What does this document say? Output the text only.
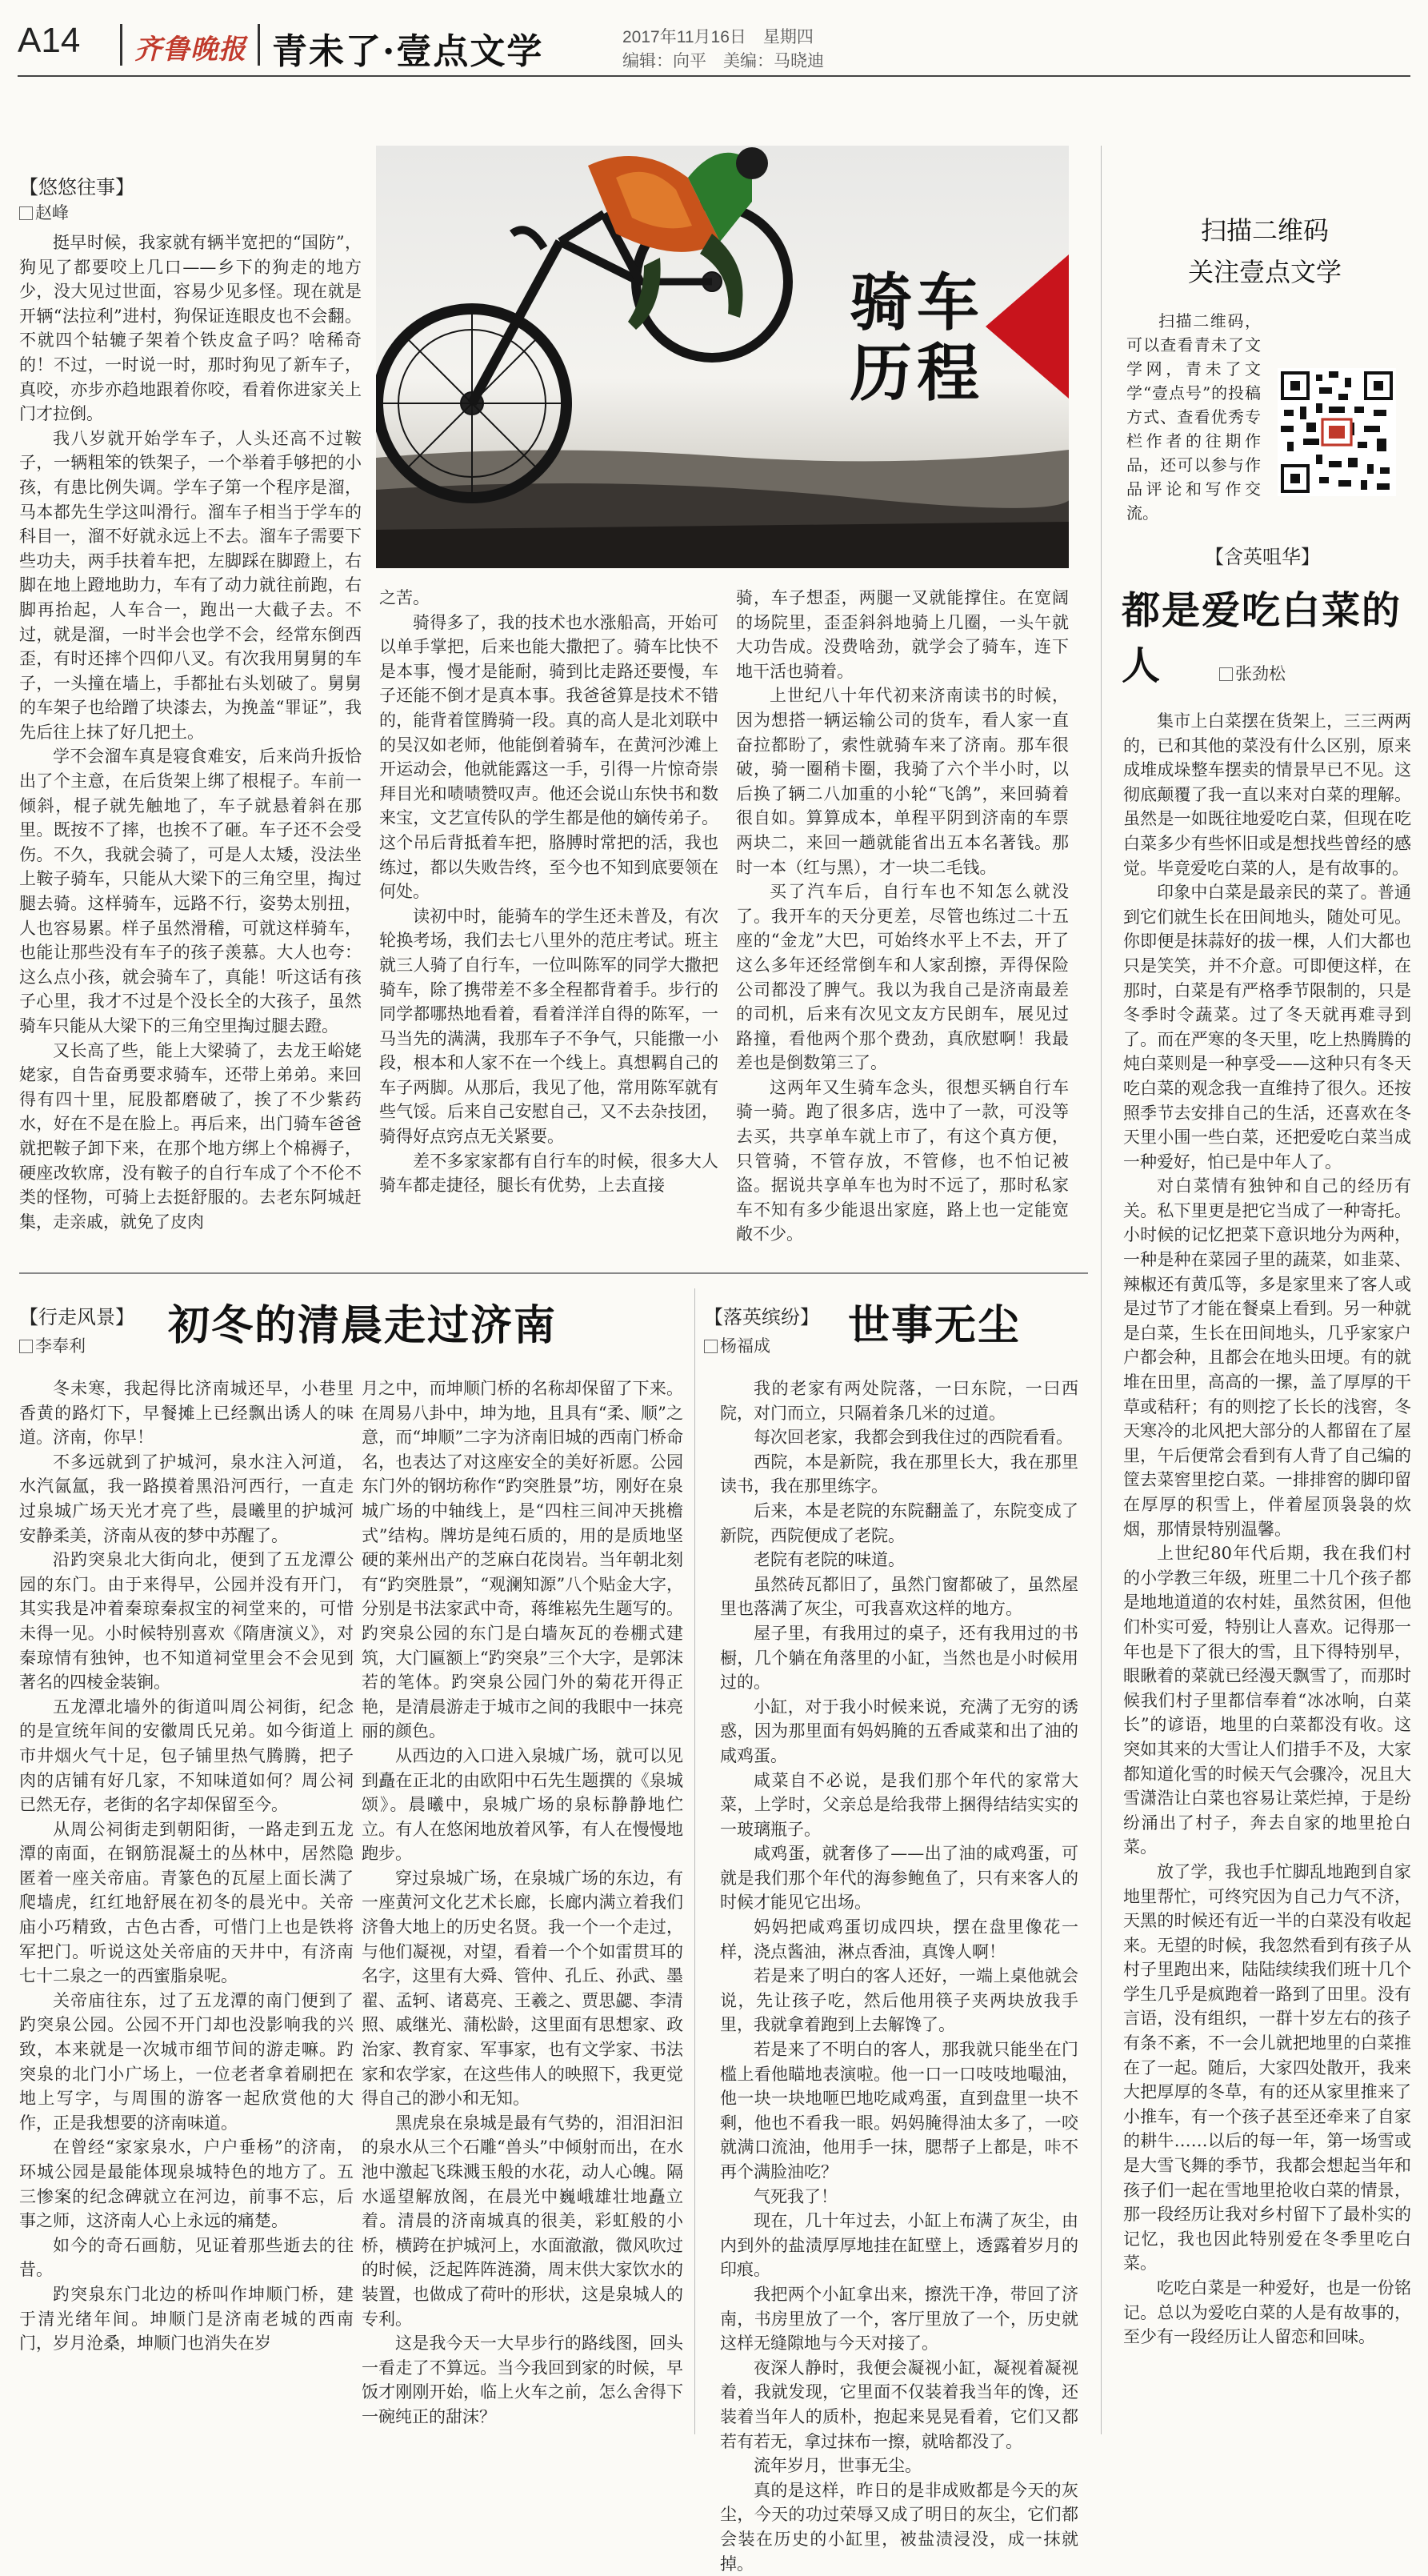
A14 齐鲁晚报 青未了·壹点文学	2017年11月16日　星期四
编辑：向平　美编：马晓迪
【悠悠往事】
赵峰
骑车
历程

挺早时候，我家就有辆半宽把的“国防”，狗见了都要咬上几口——乡下的狗走的地方少，没大见过世面，容易少见多怪。现在就是开辆“法拉利”进村，狗保证连眼皮也不会翻。不就四个轱辘子架着个铁皮盒子吗？啥稀奇的！不过，一时说一时，那时狗见了新车子，真咬，亦步亦趋地跟着你咬，看着你进家关上门才拉倒。

我八岁就开始学车子，人头还高不过鞍子，一辆粗笨的铁架子，一个举着手够把的小孩，有患比例失调。学车子第一个程序是溜，马本都先生学这叫滑行。溜车子相当于学车的科目一，溜不好就永远上不去。溜车子需要下些功夫，两手扶着车把，左脚踩在脚蹬上，右脚在地上蹬地助力，车有了动力就往前跑，右脚再抬起，人车合一，跑出一大截子去。不过，就是溜，一时半会也学不会，经常东倒西歪，有时还摔个四仰八叉。有次我用舅舅的车子，一头撞在墙上，手都扯右头划破了。舅舅的车架子也给蹭了块漆去，为挽盖“罪证”，我先后往上抹了好几把土。

学不会溜车真是寝食难安，后来尚升扳恰出了个主意，在后货架上绑了根棍子。车前一倾斜，棍子就先触地了，车子就悬着斜在那里。既按不了摔，也挨不了砸。车子还不会受伤。不久，我就会骑了，可是人太矮，没法坐上鞍子骑车，只能从大梁下的三角空里，掏过腿去骑。这样骑车，远路不行，姿势太别扭，人也容易累。样子虽然滑稽，可就这样骑车，也能让那些没有车子的孩子羡慕。大人也夸：这么点小孩，就会骑车了，真能！听这话有孩子心里，我才不过是个没长全的大孩子，虽然骑车只能从大梁下的三角空里掏过腿去蹬。

又长高了些，能上大梁骑了，去龙王峪姥姥家，自告奋勇要求骑车，还带上弟弟。来回得有四十里，屁股都磨破了，挨了不少紫药水，好在不是在脸上。再后来，出门骑车爸爸就把鞍子卸下来，在那个地方绑上个棉褥子，硬座改软席，没有鞍子的自行车成了个不伦不类的怪物，可骑上去挺舒服的。去老东阿城赶集，走亲戚，就免了皮肉

之苦。

骑得多了，我的技术也水涨船高，开始可以单手掌把，后来也能大撒把了。骑车比快不是本事，慢才是能耐，骑到比走路还要慢，车子还能不倒才是真本事。我爸爸算是技术不错的，能背着筐腾骑一段。真的高人是北刘联中的吴汉如老师，他能倒着骑车，在黄河沙滩上开运动会，他就能露这一手，引得一片惊奇崇拜目光和啧啧赞叹声。他还会说山东快书和数来宝，文艺宣传队的学生都是他的嫡传弟子。这个吊后背抵着车把，胳膊时常把的活，我也练过，都以失败告终，至今也不知到底要领在何处。

读初中时，能骑车的学生还未普及，有次轮换考场，我们去七八里外的范庄考试。班主就三人骑了自行车，一位叫陈军的同学大撒把骑车，除了携带差不多全程都背着手。步行的同学都哪热地看着，看着洋洋自得的陈军，一马当先的满满，我那车子不争气，只能撒一小段，根本和人家不在一个线上。真想羁自己的车子两脚。从那后，我见了他，常用陈军就有些气馁。后来自己安慰自己，又不去杂技团，骑得好点窍点无关紧要。

差不多家家都有自行车的时候，很多大人骑车都走捷径，腿长有优势，上去直接

骑，车子想歪，两腿一叉就能撑住。在宽阔的场院里，歪歪斜斜地骑上几圈，一头午就大功告成。没费啥劲，就学会了骑车，连下地干活也骑着。

上世纪八十年代初来济南读书的时候，因为想搭一辆运输公司的货车，看人家一直奋拉都盼了，索性就骑车来了济南。那车很破，骑一圈稍卡圈，我骑了六个半小时，以后换了辆二八加重的小轮“飞鸽”，来回骑着很自如。算算成本，单程平阴到济南的车票两块二，来回一趟就能省出五本名著钱。那时一本（红与黑），才一块二毛钱。

买了汽车后，自行车也不知怎么就没了。我开车的天分更差，尽管也练过二十五座的“金龙”大巴，可始终水平上不去，开了这么多年还经常倒车和人家刮擦，弄得保险公司都没了脾气。我以为我自己是济南最差的司机，后来有次见文友方民朗车，展见过路撞，看他两个那个费劲，真欣慰啊！我最差也是倒数第三了。

这两年又生骑车念头，很想买辆自行车骑一骑。跑了很多店，选中了一款，可没等去买，共享单车就上市了，有这个真方便，只管骑，不管存放，不管修，也不怕记被盗。据说共享单车也为时不远了，那时私家车不知有多少能退出家庭，路上也一定能宽敞不少。

扫描二维码
关注壹点文学
扫描二维码，可以查看青未了文学网，青未了文学“壹点号”的投稿方式、查看优秀专栏作者的往期作品，还可以参与作品评论和写作交流。
【含英咀华】
都是爱吃白菜的人	张劲松

集市上白菜摆在货架上，三三两两的，已和其他的菜没有什么区别，原来成堆成垛整车摆卖的情景早已不见。这彻底颠覆了我一直以来对白菜的理解。虽然是一如既往地爱吃白菜，但现在吃白菜多少有些怀旧或是想找些曾经的感觉。毕竟爱吃白菜的人，是有故事的。

印象中白菜是最亲民的菜了。普通到它们就生长在田间地头，随处可见。你即便是抹蒜好的拔一棵，人们大都也只是笑笑，并不介意。可即便这样，在那时，白菜是有严格季节限制的，只是冬季时令蔬菜。过了冬天就再难寻到了。而在严寒的冬天里，吃上热腾腾的炖白菜则是一种享受——这种只有冬天吃白菜的观念我一直维持了很久。还按照季节去安排自己的生活，还喜欢在冬天里小围一些白菜，还把爱吃白菜当成一种爱好，怕已是中年人了。

对白菜情有独钟和自己的经历有关。私下里更是把它当成了一种寄托。小时候的记忆把菜下意识地分为两种，一种是种在菜园子里的蔬菜，如韭菜、辣椒还有黄瓜等，多是家里来了客人或是过节了才能在餐桌上看到。另一种就是白菜，生长在田间地头，几乎家家户户都会种，且都会在地头田埂。有的就堆在田里，高高的一摞，盖了厚厚的干草或秸秆；有的则挖了长长的浅窖，冬天寒冷的北风把大部分的人都留在了屋里，午后便常会看到有人背了自己编的筐去菜窖里挖白菜。一排排窖的脚印留在厚厚的积雪上，伴着屋顶袅袅的炊烟，那情景特别温馨。

上世纪80年代后期，我在我们村的小学教三年级，班里二十几个孩子都是地地道道的农村娃，虽然贫困，但他们朴实可爱，特别让人喜欢。记得那一年也是下了很大的雪，且下得特别早，眼瞅着的菜就已经漫天飘雪了，而那时候我们村子里都信奉着“冰冰响，白菜长”的谚语，地里的白菜都没有收。这突如其来的大雪让人们措手不及，大家都知道化雪的时候天气会骤冷，况且大雪潇浩让白菜也容易让菜烂掉，于是纷纷涌出了村子，奔去自家的地里抢白菜。

放了学，我也手忙脚乱地跑到自家地里帮忙，可终究因为自己力气不济，天黑的时候还有近一半的白菜没有收起来。无望的时候，我忽然看到有孩子从村子里跑出来，陆陆续续我们班十几个学生几乎是疯跑着一路到了田里。没有言语，没有组织，一群十岁左右的孩子有条不紊，不一会儿就把地里的白菜推在了一起。随后，大家四处散开，我来大把厚厚的冬草，有的还从家里推来了小推车，有一个孩子甚至还牵来了自家的耕牛……以后的每一年，第一场雪或是大雪飞舞的季节，我都会想起当年和孩子们一起在雪地里抢收白菜的情景，那一段经历让我对乡村留下了最朴实的记忆，我也因此特别爱在冬季里吃白菜。

吃吃白菜是一种爱好，也是一份铭记。总以为爱吃白菜的人是有故事的，至少有一段经历让人留恋和回味。

【行走风景】
李奉利 初冬的清晨走过济南

冬未寒，我起得比济南城还早，小巷里香黄的路灯下，早餐摊上已经飘出诱人的味道。济南，你早！

不多远就到了护城河，泉水注入河道，水汽氤氲，我一路摸着黑沿河西行，一直走过泉城广场天光才亮了些，晨曦里的护城河安静柔美，济南从夜的梦中苏醒了。

沿趵突泉北大街向北，便到了五龙潭公园的东门。由于来得早，公园并没有开门，其实我是冲着秦琼秦叔宝的祠堂来的，可惜未得一见。小时候特别喜欢《隋唐演义》，对秦琼情有独钟，也不知道祠堂里会不会见到著名的四棱金装锏。

五龙潭北墙外的街道叫周公祠街，纪念的是宣统年间的安徽周氏兄弟。如今街道上市井烟火气十足，包子铺里热气腾腾，把子肉的店铺有好几家，不知味道如何？周公祠已然无存，老街的名字却保留至今。

从周公祠街走到朝阳街，一路走到五龙潭的南面，在钢筋混凝土的丛林中，居然隐匿着一座关帝庙。青篆色的瓦屋上面长满了爬墙虎，红红地舒展在初冬的晨光中。关帝庙小巧精致，古色古香，可惜门上也是铁将军把门。听说这处关帝庙的天井中，有济南七十二泉之一的西蜜脂泉呢。

关帝庙往东，过了五龙潭的南门便到了趵突泉公园。公园不开门却也没影响我的兴致，本来就是一次城市细节间的游走嘛。趵突泉的北门小广场上，一位老者拿着刷把在地上写字，与周围的游客一起欣赏他的大作，正是我想要的济南味道。

在曾经“家家泉水，户户垂杨”的济南，环城公园是最能体现泉城特色的地方了。五三惨案的纪念碑就立在河边，前事不忘，后事之师，这济南人心上永远的痛楚。

如今的奇石画舫，见证着那些逝去的往昔。

趵突泉东门北边的桥叫作坤顺门桥，建于清光绪年间。坤顺门是济南老城的西南门，岁月沧桑，坤顺门也消失在岁

月之中，而坤顺门桥的名称却保留了下来。在周易八卦中，坤为地，且具有“柔、顺”之意，而“坤顺”二字为济南旧城的西南门桥命名，也表达了对这座安全的美好祈愿。公园东门外的钢坊称作“趵突胜景”坊，刚好在泉城广场的中轴线上，是“四柱三间冲天挑檐式”结构。牌坊是纯石质的，用的是质地坚硬的莱州出产的芝麻白花岗岩。当年朝北刻有“趵突胜景”，“观澜知源”八个贴金大字，分别是书法家武中奇，蒋维崧先生题写的。趵突泉公园的东门是白墙灰瓦的卷棚式建筑，大门匾额上“趵突泉”三个大字，是郭沫若的笔体。趵突泉公园门外的菊花开得正艳，是清晨游走于城市之间的我眼中一抹亮丽的颜色。

从西边的入口进入泉城广场，就可以见到矗在正北的由欧阳中石先生题撰的《泉城颂》。晨曦中，泉城广场的泉标静静地伫立。有人在悠闲地放着风筝，有人在慢慢地跑步。

穿过泉城广场，在泉城广场的东边，有一座黄河文化艺术长廊，长廊内满立着我们济鲁大地上的历史名贤。我一个一个走过，与他们凝视，对望，看着一个个如雷贯耳的名字，这里有大舜、管仲、孔丘、孙武、墨翟、孟轲、诸葛亮、王羲之、贾思勰、李清照、戚继光、蒲松龄，这里面有思想家、政治家、教育家、军事家，也有文学家、书法家和农学家，在这些伟人的映照下，我更觉得自己的渺小和无知。

黑虎泉在泉城是最有气势的，泪泪汩汩的泉水从三个石雕“兽头”中倾射而出，在水池中激起飞珠溅玉般的水花，动人心魄。隔水遥望解放阁，在晨光中巍峨雄壮地矗立着。清晨的济南城真的很美，彩虹般的小桥，横跨在护城河上，水面澈澈，微风吹过的时候，泛起阵阵涟漪，周末供大家饮水的装置，也做成了荷叶的形状，这是泉城人的专利。

这是我今天一大早步行的路线图，回头一看走了不算远。当今我回到家的时候，早饭才刚刚开始，临上火车之前，怎么舍得下一碗纯正的甜沫？

【落英缤纷】
杨福成 世事无尘

我的老家有两处院落，一曰东院，一曰西院，对门而立，只隔着条几米的过道。

每次回老家，我都会到我住过的西院看看。

西院，本是新院，我在那里长大，我在那里读书，我在那里练字。

后来，本是老院的东院翻盖了，东院变成了新院，西院便成了老院。

老院有老院的味道。

虽然砖瓦都旧了，虽然门窗都破了，虽然屋里也落满了灰尘，可我喜欢这样的地方。

屋子里，有我用过的桌子，还有我用过的书橱，几个躺在角落里的小缸，当然也是小时候用过的。

小缸，对于我小时候来说，充满了无穷的诱惑，因为那里面有妈妈腌的五香咸菜和出了油的咸鸡蛋。

咸菜自不必说，是我们那个年代的家常大菜，上学时，父亲总是给我带上捆得结结实实的一玻璃瓶子。

咸鸡蛋，就奢侈了——出了油的咸鸡蛋，可就是我们那个年代的海参鲍鱼了，只有来客人的时候才能见它出场。

妈妈把咸鸡蛋切成四块，摆在盘里像花一样，浇点酱油，淋点香油，真馋人啊！

若是来了明白的客人还好，一端上桌他就会说，先让孩子吃，然后他用筷子夹两块放我手里，我就拿着跑到上去解馋了。

若是来了不明白的客人，那我就只能坐在门槛上看他瞄地表演啦。他一口一口吱吱地嘬油，他一块一块地咂巴地吃咸鸡蛋，直到盘里一块不剩，他也不看我一眼。妈妈腌得油太多了，一咬就满口流油，他用手一抹，腮帮子上都是，咔不再个满脸油吃？

气死我了！

现在，几十年过去，小缸上布满了灰尘，由内到外的盐渍厚厚地挂在缸壁上，透露着岁月的印痕。

我把两个小缸拿出来，擦洗干净，带回了济南，书房里放了一个，客厅里放了一个，历史就这样无缝隙地与今天对接了。

夜深人静时，我便会凝视小缸，凝视着凝视着，我就发现，它里面不仅装着我当年的馋，还装着当年人的质朴，抱起来晃晃看着，它们又都若有若无，拿过抹布一擦，就啥都没了。

流年岁月，世事无尘。

真的是这样，昨日的是非成败都是今天的灰尘，今天的功过荣辱又成了明日的灰尘，它们都会装在历史的小缸里，被盐渍浸没，成一抹就掉。
